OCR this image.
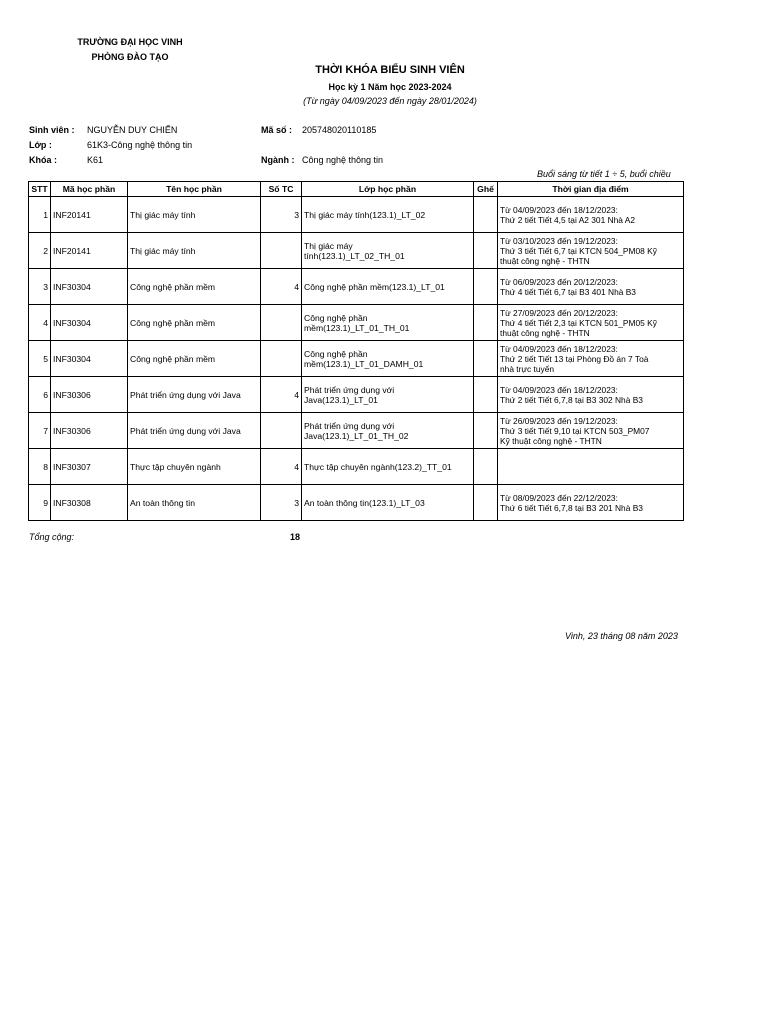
TRƯỜNG ĐẠI HỌC VINH
PHÒNG ĐÀO TẠO
THỜI KHÓA BIỂU SINH VIÊN
Học kỳ 1 Năm học 2023-2024
(Từ ngày 04/09/2023 đến ngày 28/01/2024)
Sinh viên : NGUYỄN DUY CHIẾN	Mã số : 205748020110185
Lớp :	61K3-Công nghệ thông tin
Khóa :	K61	Ngành : Công nghệ thông tin
Buổi sáng từ tiết 1 ÷ 5, buổi chiều
STT	Mã học phần	Tên học phần	Số TC	Lớp học phần	Ghế	Thời gian địa điểm
1	INF20141	Thị giác máy tính	3	Thị giác máy tính(123.1)_LT_02		Từ 04/09/2023 đến 18/12/2023:
Thứ 2 tiết Tiết 4,5 tại A2 301 Nhà A2
2	INF20141	Thị giác máy tính		Thị giác máy
tính(123.1)_LT_02_TH_01		Từ 03/10/2023 đến 19/12/2023:
Thứ 3 tiết Tiết 6,7 tại KTCN 504_PM08 Kỹ
thuật công nghệ - THTN
3	INF30304	Công nghệ phần mềm	4	Công nghệ phần mềm(123.1)_LT_01		Từ 06/09/2023 đến 20/12/2023:
Thứ 4 tiết Tiết 6,7 tại B3 401 Nhà B3
4	INF30304	Công nghệ phần mềm		Công nghệ phần
mềm(123.1)_LT_01_TH_01		Từ 27/09/2023 đến 20/12/2023:
Thứ 4 tiết Tiết 2,3 tại KTCN 501_PM05 Kỹ
thuật công nghệ - THTN
5	INF30304	Công nghệ phần mềm		Công nghệ phần
mềm(123.1)_LT_01_DAMH_01		Từ 04/09/2023 đến 18/12/2023:
Thứ 2 tiết Tiết 13 tại Phòng Đồ án 7 Toà
nhà trực tuyến
6	INF30306	Phát triển ứng dụng với Java	4	Phát triển ứng dụng với
Java(123.1)_LT_01		Từ 04/09/2023 đến 18/12/2023:
Thứ 2 tiết Tiết 6,7,8 tại B3 302 Nhà B3
7	INF30306	Phát triển ứng dụng với Java		Phát triển ứng dụng với
Java(123.1)_LT_01_TH_02		Từ 26/09/2023 đến 19/12/2023:
Thứ 3 tiết Tiết 9,10 tại KTCN 503_PM07
Kỹ thuật công nghệ - THTN
8	INF30307	Thực tập chuyên ngành	4	Thực tập chuyên ngành(123.2)_TT_01		
9	INF30308	An toàn thông tin	3	An toàn thông tin(123.1)_LT_03		Từ 08/09/2023 đến 22/12/2023:
Thứ 6 tiết Tiết 6,7,8 tại B3 201 Nhà B3
Tổng cộng:	18
Vinh, 23 tháng 08 năm 2023
